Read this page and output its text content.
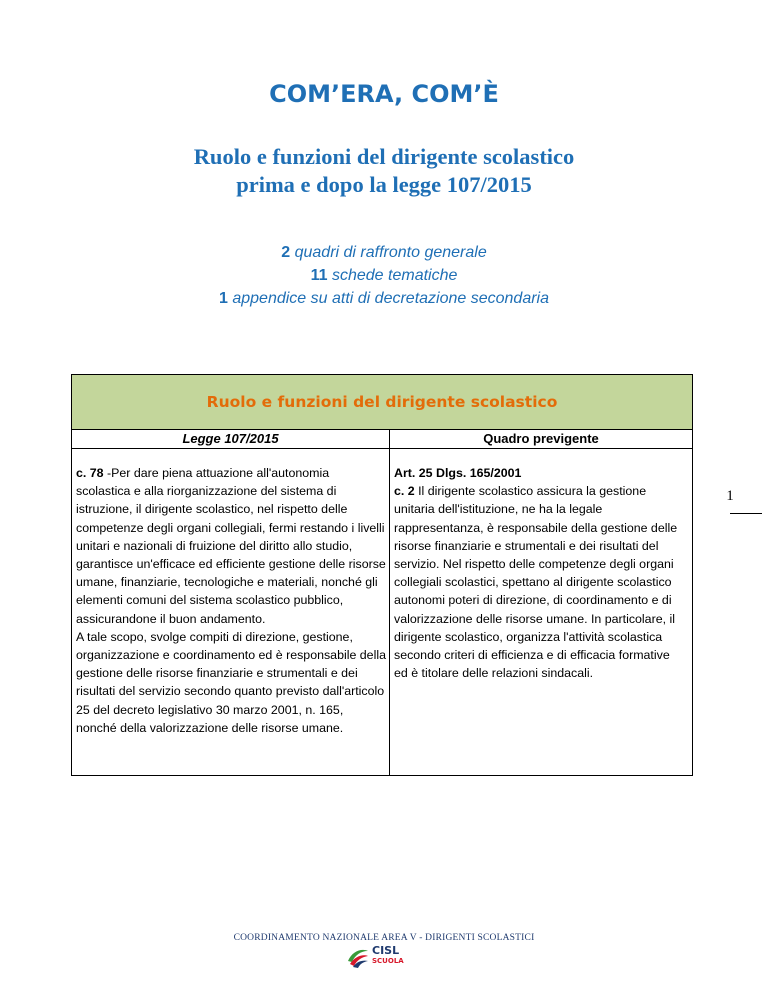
COM’ERA, COM’È
Ruolo e funzioni del dirigente scolastico
prima e dopo la legge 107/2015
2 quadri di raffronto generale
11 schede tematiche
1 appendice su atti di decretazione secondaria
Ruolo e funzioni del dirigente scolastico
Legge 107/2015	Quadro previgente

c. 78 -Per dare piena attuazione all'autonomia scolastica e alla riorganizzazione del sistema di istruzione, il dirigente scolastico, nel rispetto delle competenze degli organi collegiali, fermi restando i livelli unitari e nazionali di fruizione del diritto allo studio, garantisce un'efficace ed efficiente gestione delle risorse umane, finanziarie, tecnologiche e materiali, nonché gli elementi comuni del sistema scolastico pubblico, assicurandone il buon andamento.

A tale scopo, svolge compiti di direzione, gestione, organizzazione e coordinamento ed è responsabile della gestione delle risorse finanziarie e strumentali e dei risultati del servizio secondo quanto previsto dall'articolo 25 del decreto legislativo 30 marzo 2001, n. 165, nonché della valorizzazione delle risorse umane.

Art. 25 Dlgs. 165/2001

c. 2 Il dirigente scolastico assicura la gestione unitaria dell'istituzione, ne ha la legale rappresentanza, è responsabile della gestione delle risorse finanziarie e strumentali e dei risultati del servizio. Nel rispetto delle competenze degli organi collegiali scolastici, spettano al dirigente scolastico autonomi poteri di direzione, di coordinamento e di valorizzazione delle risorse umane. In particolare, il dirigente scolastico, organizza l'attività scolastica secondo criteri di efficienza e di efficacia formative ed è titolare delle relazioni sindacali.

1
COORDINAMENTO NAZIONALE AREA V - DIRIGENTI SCOLASTICI
CISL
SCUOLA
